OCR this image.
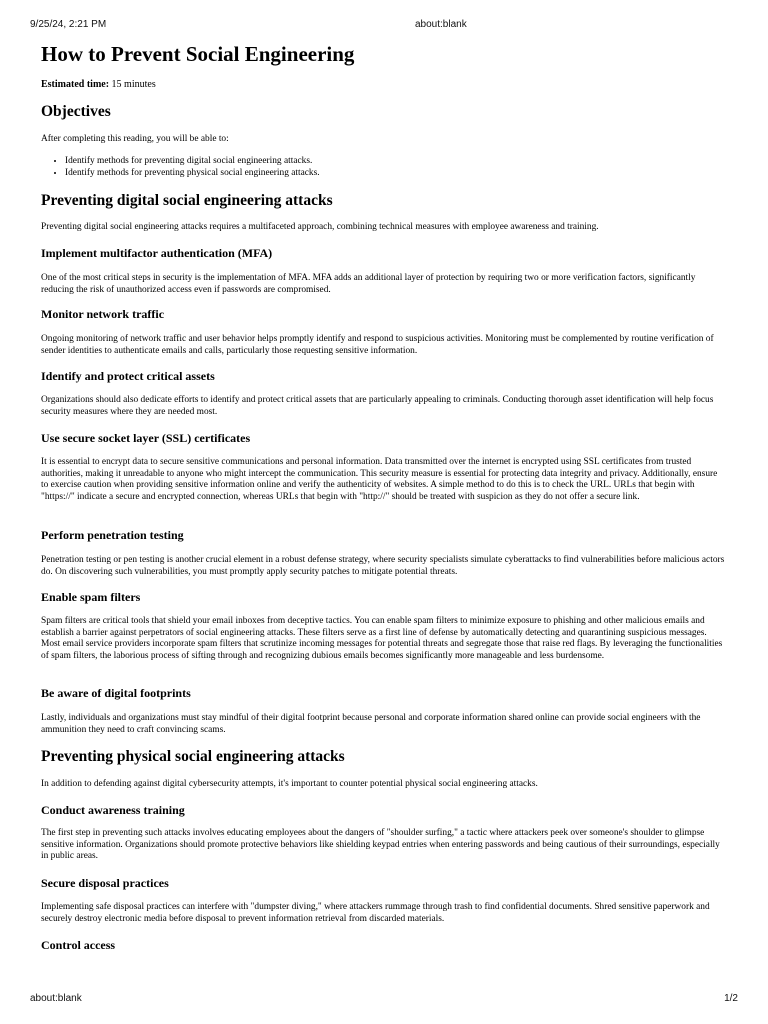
9/25/24, 2:21 PM	about:blank
How to Prevent Social Engineering

Estimated time: 15 minutes

Objectives

After completing this reading, you will be able to:

• Identify methods for preventing digital social engineering attacks.
• Identify methods for preventing physical social engineering attacks.
Preventing digital social engineering attacks

Preventing digital social engineering attacks requires a multifaceted approach, combining technical measures with employee awareness and training.

Implement multifactor authentication (MFA)

One of the most critical steps in security is the implementation of MFA. MFA adds an additional layer of protection by requiring two or more verification factors, significantly reducing the risk of unauthorized access even if passwords are compromised.

Monitor network traffic

Ongoing monitoring of network traffic and user behavior helps promptly identify and respond to suspicious activities. Monitoring must be complemented by routine verification of sender identities to authenticate emails and calls, particularly those requesting sensitive information.

Identify and protect critical assets

Organizations should also dedicate efforts to identify and protect critical assets that are particularly appealing to criminals. Conducting thorough asset identification will help focus security measures where they are needed most.

Use secure socket layer (SSL) certificates

It is essential to encrypt data to secure sensitive communications and personal information. Data transmitted over the internet is encrypted using SSL certificates from trusted authorities, making it unreadable to anyone who might intercept the communication. This security measure is essential for protecting data integrity and privacy. Additionally, ensure to exercise caution when providing sensitive information online and verify the authenticity of websites. A simple method to do this is to check the URL. URLs that begin with "https://" indicate a secure and encrypted connection, whereas URLs that begin with "http://" should be treated with suspicion as they do not offer a secure link.

Perform penetration testing

Penetration testing or pen testing is another crucial element in a robust defense strategy, where security specialists simulate cyberattacks to find vulnerabilities before malicious actors do. On discovering such vulnerabilities, you must promptly apply security patches to mitigate potential threats.

Enable spam filters

Spam filters are critical tools that shield your email inboxes from deceptive tactics. You can enable spam filters to minimize exposure to phishing and other malicious emails and establish a barrier against perpetrators of social engineering attacks. These filters serve as a first line of defense by automatically detecting and quarantining suspicious messages. Most email service providers incorporate spam filters that scrutinize incoming messages for potential threats and segregate those that raise red flags. By leveraging the functionalities of spam filters, the laborious process of sifting through and recognizing dubious emails becomes significantly more manageable and less burdensome.

Be aware of digital footprints

Lastly, individuals and organizations must stay mindful of their digital footprint because personal and corporate information shared online can provide social engineers with the ammunition they need to craft convincing scams.

Preventing physical social engineering attacks

In addition to defending against digital cybersecurity attempts, it's important to counter potential physical social engineering attacks.

Conduct awareness training

The first step in preventing such attacks involves educating employees about the dangers of "shoulder surfing," a tactic where attackers peek over someone's shoulder to glimpse sensitive information. Organizations should promote protective behaviors like shielding keypad entries when entering passwords and being cautious of their surroundings, especially in public areas.

Secure disposal practices

Implementing safe disposal practices can interfere with "dumpster diving," where attackers rummage through trash to find confidential documents. Shred sensitive paperwork and securely destroy electronic media before disposal to prevent information retrieval from discarded materials.

Control access
about:blank	1/2
